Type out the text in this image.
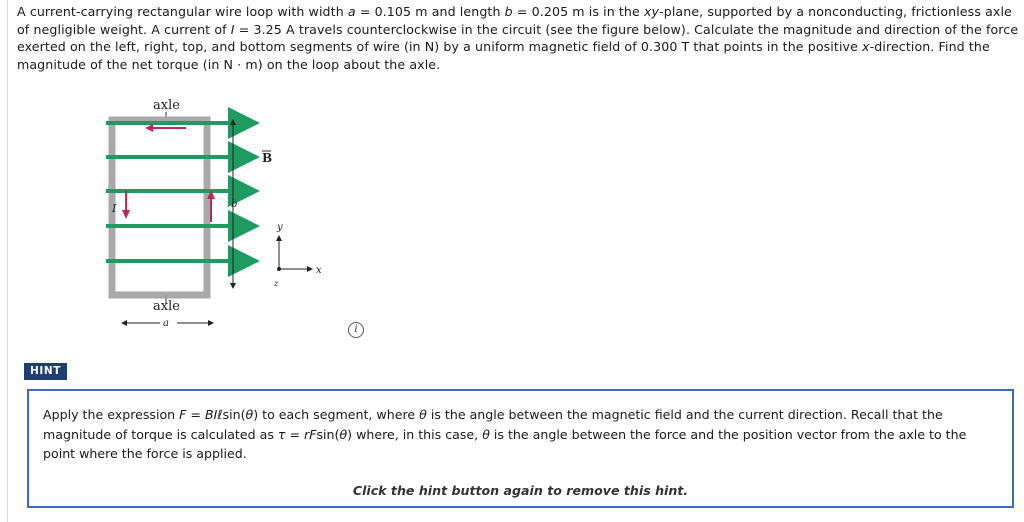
A current-carrying rectangular wire loop with width a = 0.105 m and length b = 0.205 m is in the xy-plane, supported by a nonconducting, frictionless axle of negligible weight. A current of I = 3.25 A travels counterclockwise in the circuit (see the figure below). Calculate the magnitude and direction of the force exerted on the left, right, top, and bottom segments of wire (in N) by a uniform magnetic field of 0.300 T that points in the positive x-direction. Find the magnitude of the net torque (in N · m) on the loop about the axle.
axle
b
I
B
axle
a
y
x
z
i
HINT
Apply the expression F = BIℓsin(θ) to each segment, where θ is the angle between the magnetic field and the current direction. Recall that the magnitude of torque is calculated as τ = rFsin(θ) where, in this case, θ is the angle between the force and the position vector from the axle to the point where the force is applied.
Click the hint button again to remove this hint.
